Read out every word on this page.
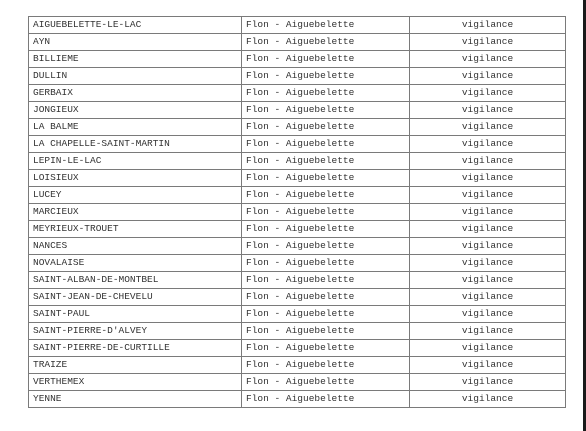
AIGUEBELETTE-LE-LAC	Flon - Aiguebelette	vigilance
AYN	Flon - Aiguebelette	vigilance
BILLIEME	Flon - Aiguebelette	vigilance
DULLIN	Flon - Aiguebelette	vigilance
GERBAIX	Flon - Aiguebelette	vigilance
JONGIEUX	Flon - Aiguebelette	vigilance
LA BALME	Flon - Aiguebelette	vigilance
LA CHAPELLE-SAINT-MARTIN	Flon - Aiguebelette	vigilance
LEPIN-LE-LAC	Flon - Aiguebelette	vigilance
LOISIEUX	Flon - Aiguebelette	vigilance
LUCEY	Flon - Aiguebelette	vigilance
MARCIEUX	Flon - Aiguebelette	vigilance
MEYRIEUX-TROUET	Flon - Aiguebelette	vigilance
NANCES	Flon - Aiguebelette	vigilance
NOVALAISE	Flon - Aiguebelette	vigilance
SAINT-ALBAN-DE-MONTBEL	Flon - Aiguebelette	vigilance
SAINT-JEAN-DE-CHEVELU	Flon - Aiguebelette	vigilance
SAINT-PAUL	Flon - Aiguebelette	vigilance
SAINT-PIERRE-D'ALVEY	Flon - Aiguebelette	vigilance
SAINT-PIERRE-DE-CURTILLE	Flon - Aiguebelette	vigilance
TRAIZE	Flon - Aiguebelette	vigilance
VERTHEMEX	Flon - Aiguebelette	vigilance
YENNE	Flon - Aiguebelette	vigilance
